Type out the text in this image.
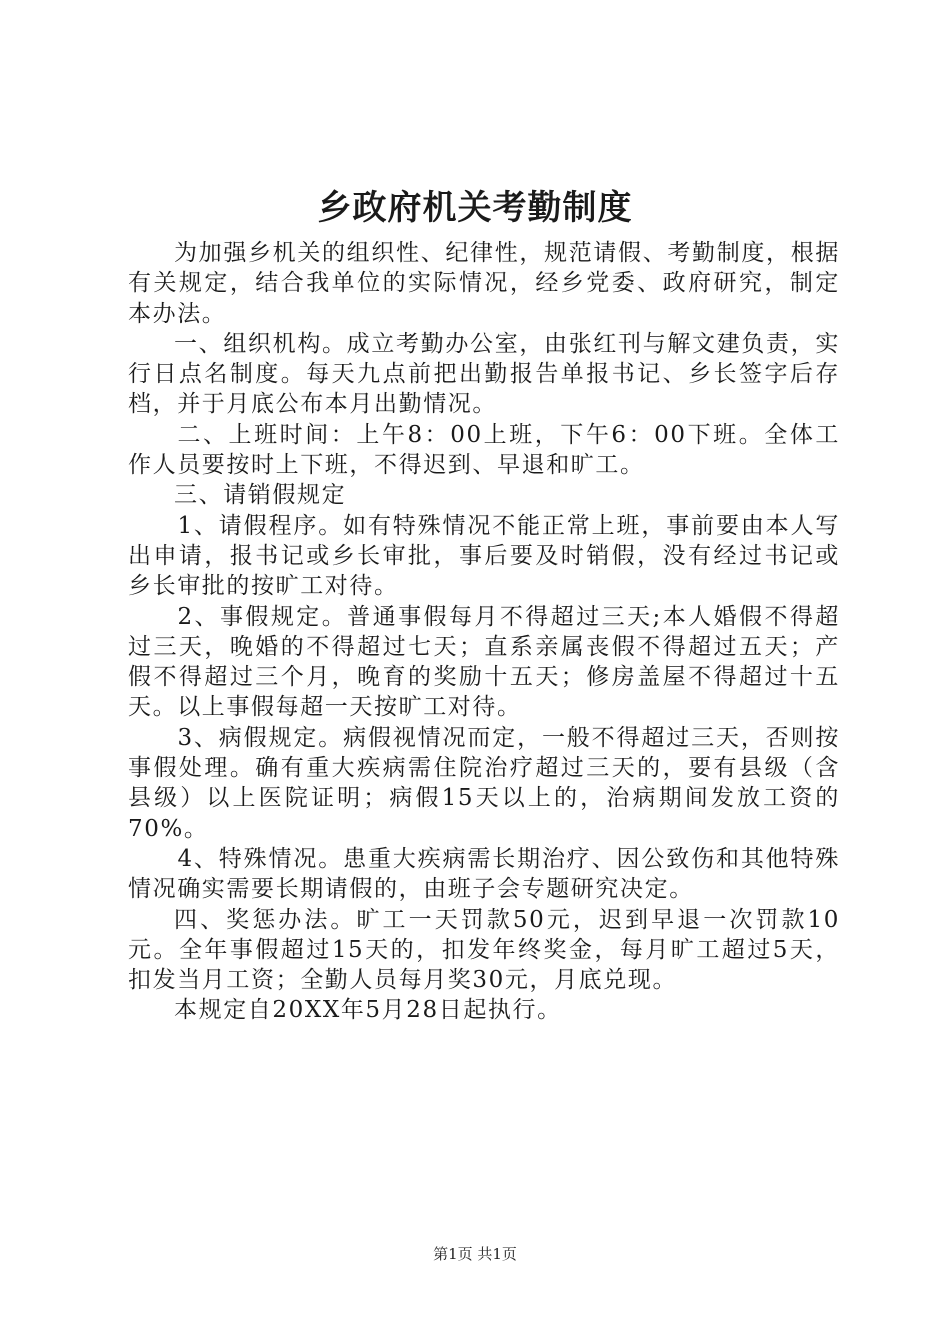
乡政府机关考勤制度

为加强乡机关的组织性、纪律性，规范请假、考勤制度，根据有关规定，结合我单位的实际情况，经乡党委、政府研究，制定本办法。

一、组织机构。成立考勤办公室，由张红刊与解文建负责，实行日点名制度。每天九点前把出勤报告单报书记、乡长签字后存档，并于月底公布本月出勤情况。

二、上班时间：上午8：00上班，下午6：00下班。全体工作人员要按时上下班，不得迟到、早退和旷工。

三、请销假规定

1、请假程序。如有特殊情况不能正常上班，事前要由本人写出申请，报书记或乡长审批，事后要及时销假，没有经过书记或乡长审批的按旷工对待。

2、事假规定。普通事假每月不得超过三天;本人婚假不得超过三天，晚婚的不得超过七天；直系亲属丧假不得超过五天；产假不得超过三个月，晚育的奖励十五天；修房盖屋不得超过十五天。以上事假每超一天按旷工对待。

3、病假规定。病假视情况而定，一般不得超过三天，否则按事假处理。确有重大疾病需住院治疗超过三天的，要有县级（含县级）以上医院证明；病假15天以上的，治病期间发放工资的70%。

4、特殊情况。患重大疾病需长期治疗、因公致伤和其他特殊情况确实需要长期请假的，由班子会专题研究决定。

四、奖惩办法。旷工一天罚款50元，迟到早退一次罚款10元。全年事假超过15天的，扣发年终奖金，每月旷工超过5天，扣发当月工资；全勤人员每月奖30元，月底兑现。

本规定自20XX年5月28日起执行。

第1页 共1页
